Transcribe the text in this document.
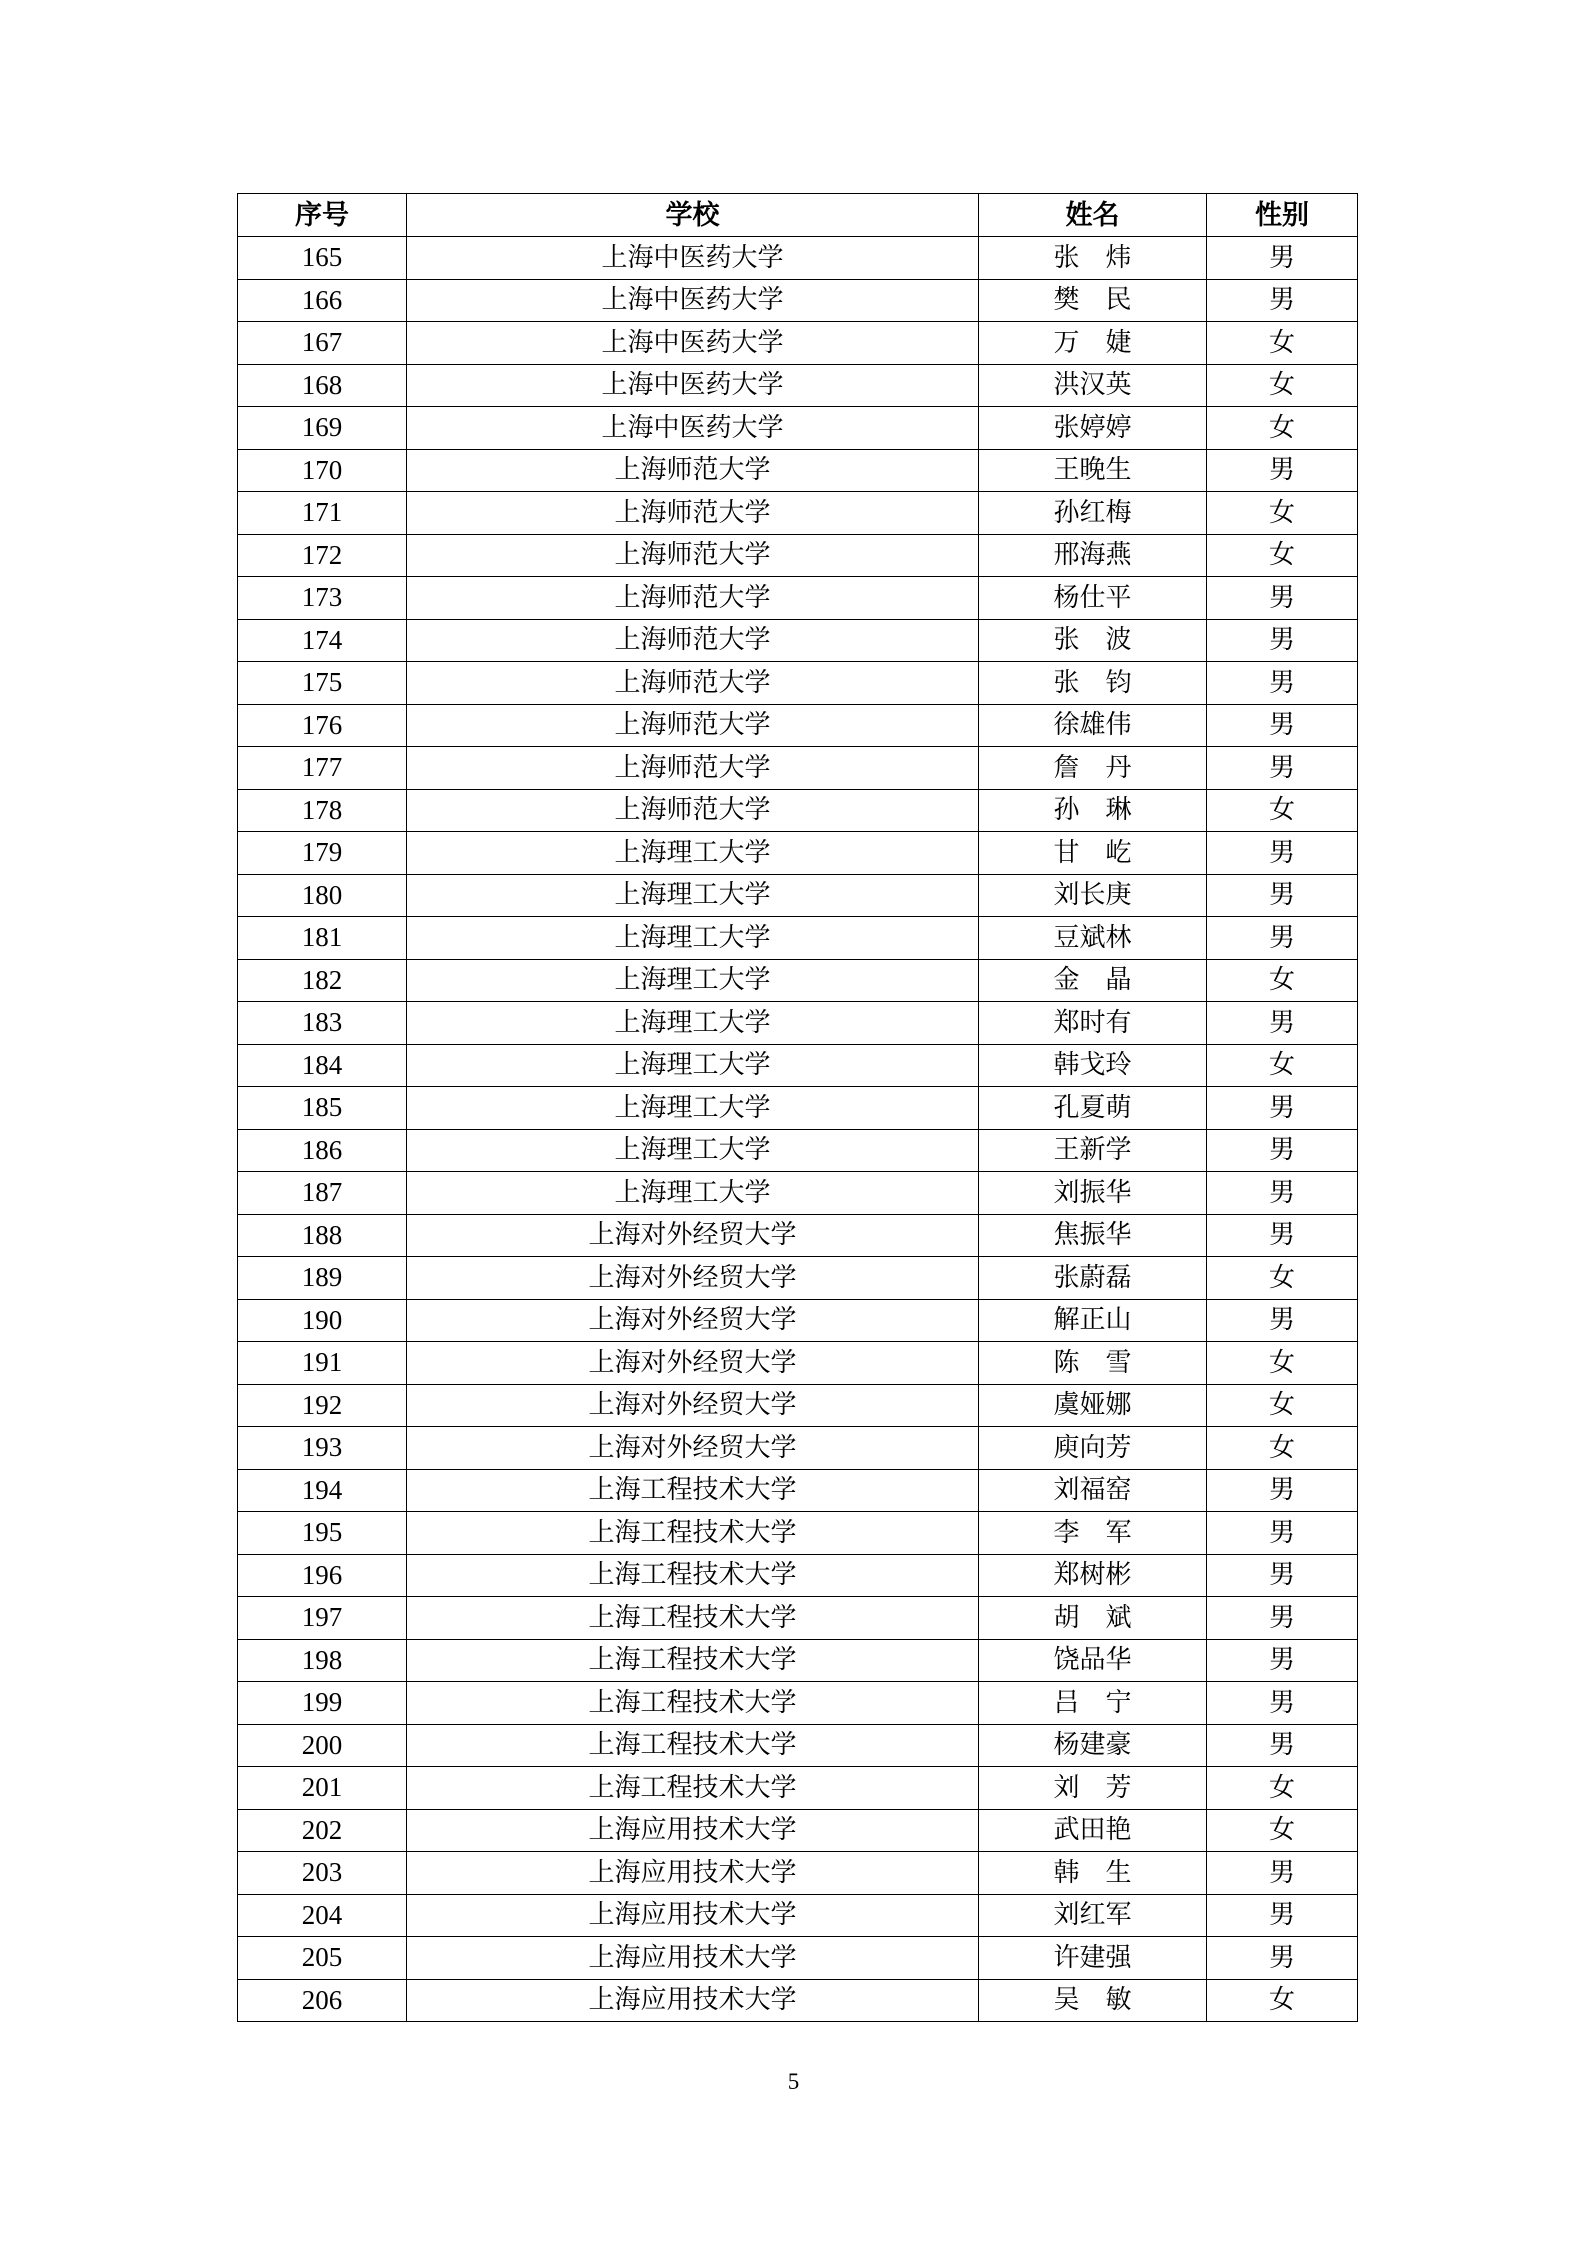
序号	学校	姓名	性别
165	上海中医药大学	张　炜	男
166	上海中医药大学	樊　民	男
167	上海中医药大学	万　婕	女
168	上海中医药大学	洪汉英	女
169	上海中医药大学	张婷婷	女
170	上海师范大学	王晚生	男
171	上海师范大学	孙红梅	女
172	上海师范大学	邢海燕	女
173	上海师范大学	杨仕平	男
174	上海师范大学	张　波	男
175	上海师范大学	张　钧	男
176	上海师范大学	徐雄伟	男
177	上海师范大学	詹　丹	男
178	上海师范大学	孙　琳	女
179	上海理工大学	甘　屹	男
180	上海理工大学	刘长庚	男
181	上海理工大学	豆斌林	男
182	上海理工大学	金　晶	女
183	上海理工大学	郑时有	男
184	上海理工大学	韩戈玲	女
185	上海理工大学	孔夏萌	男
186	上海理工大学	王新学	男
187	上海理工大学	刘振华	男
188	上海对外经贸大学	焦振华	男
189	上海对外经贸大学	张蔚磊	女
190	上海对外经贸大学	解正山	男
191	上海对外经贸大学	陈　雪	女
192	上海对外经贸大学	虞娅娜	女
193	上海对外经贸大学	庾向芳	女
194	上海工程技术大学	刘福窑	男
195	上海工程技术大学	李　军	男
196	上海工程技术大学	郑树彬	男
197	上海工程技术大学	胡　斌	男
198	上海工程技术大学	饶品华	男
199	上海工程技术大学	吕　宁	男
200	上海工程技术大学	杨建豪	男
201	上海工程技术大学	刘　芳	女
202	上海应用技术大学	武田艳	女
203	上海应用技术大学	韩　生	男
204	上海应用技术大学	刘红军	男
205	上海应用技术大学	许建强	男
206	上海应用技术大学	吴　敏	女
5
